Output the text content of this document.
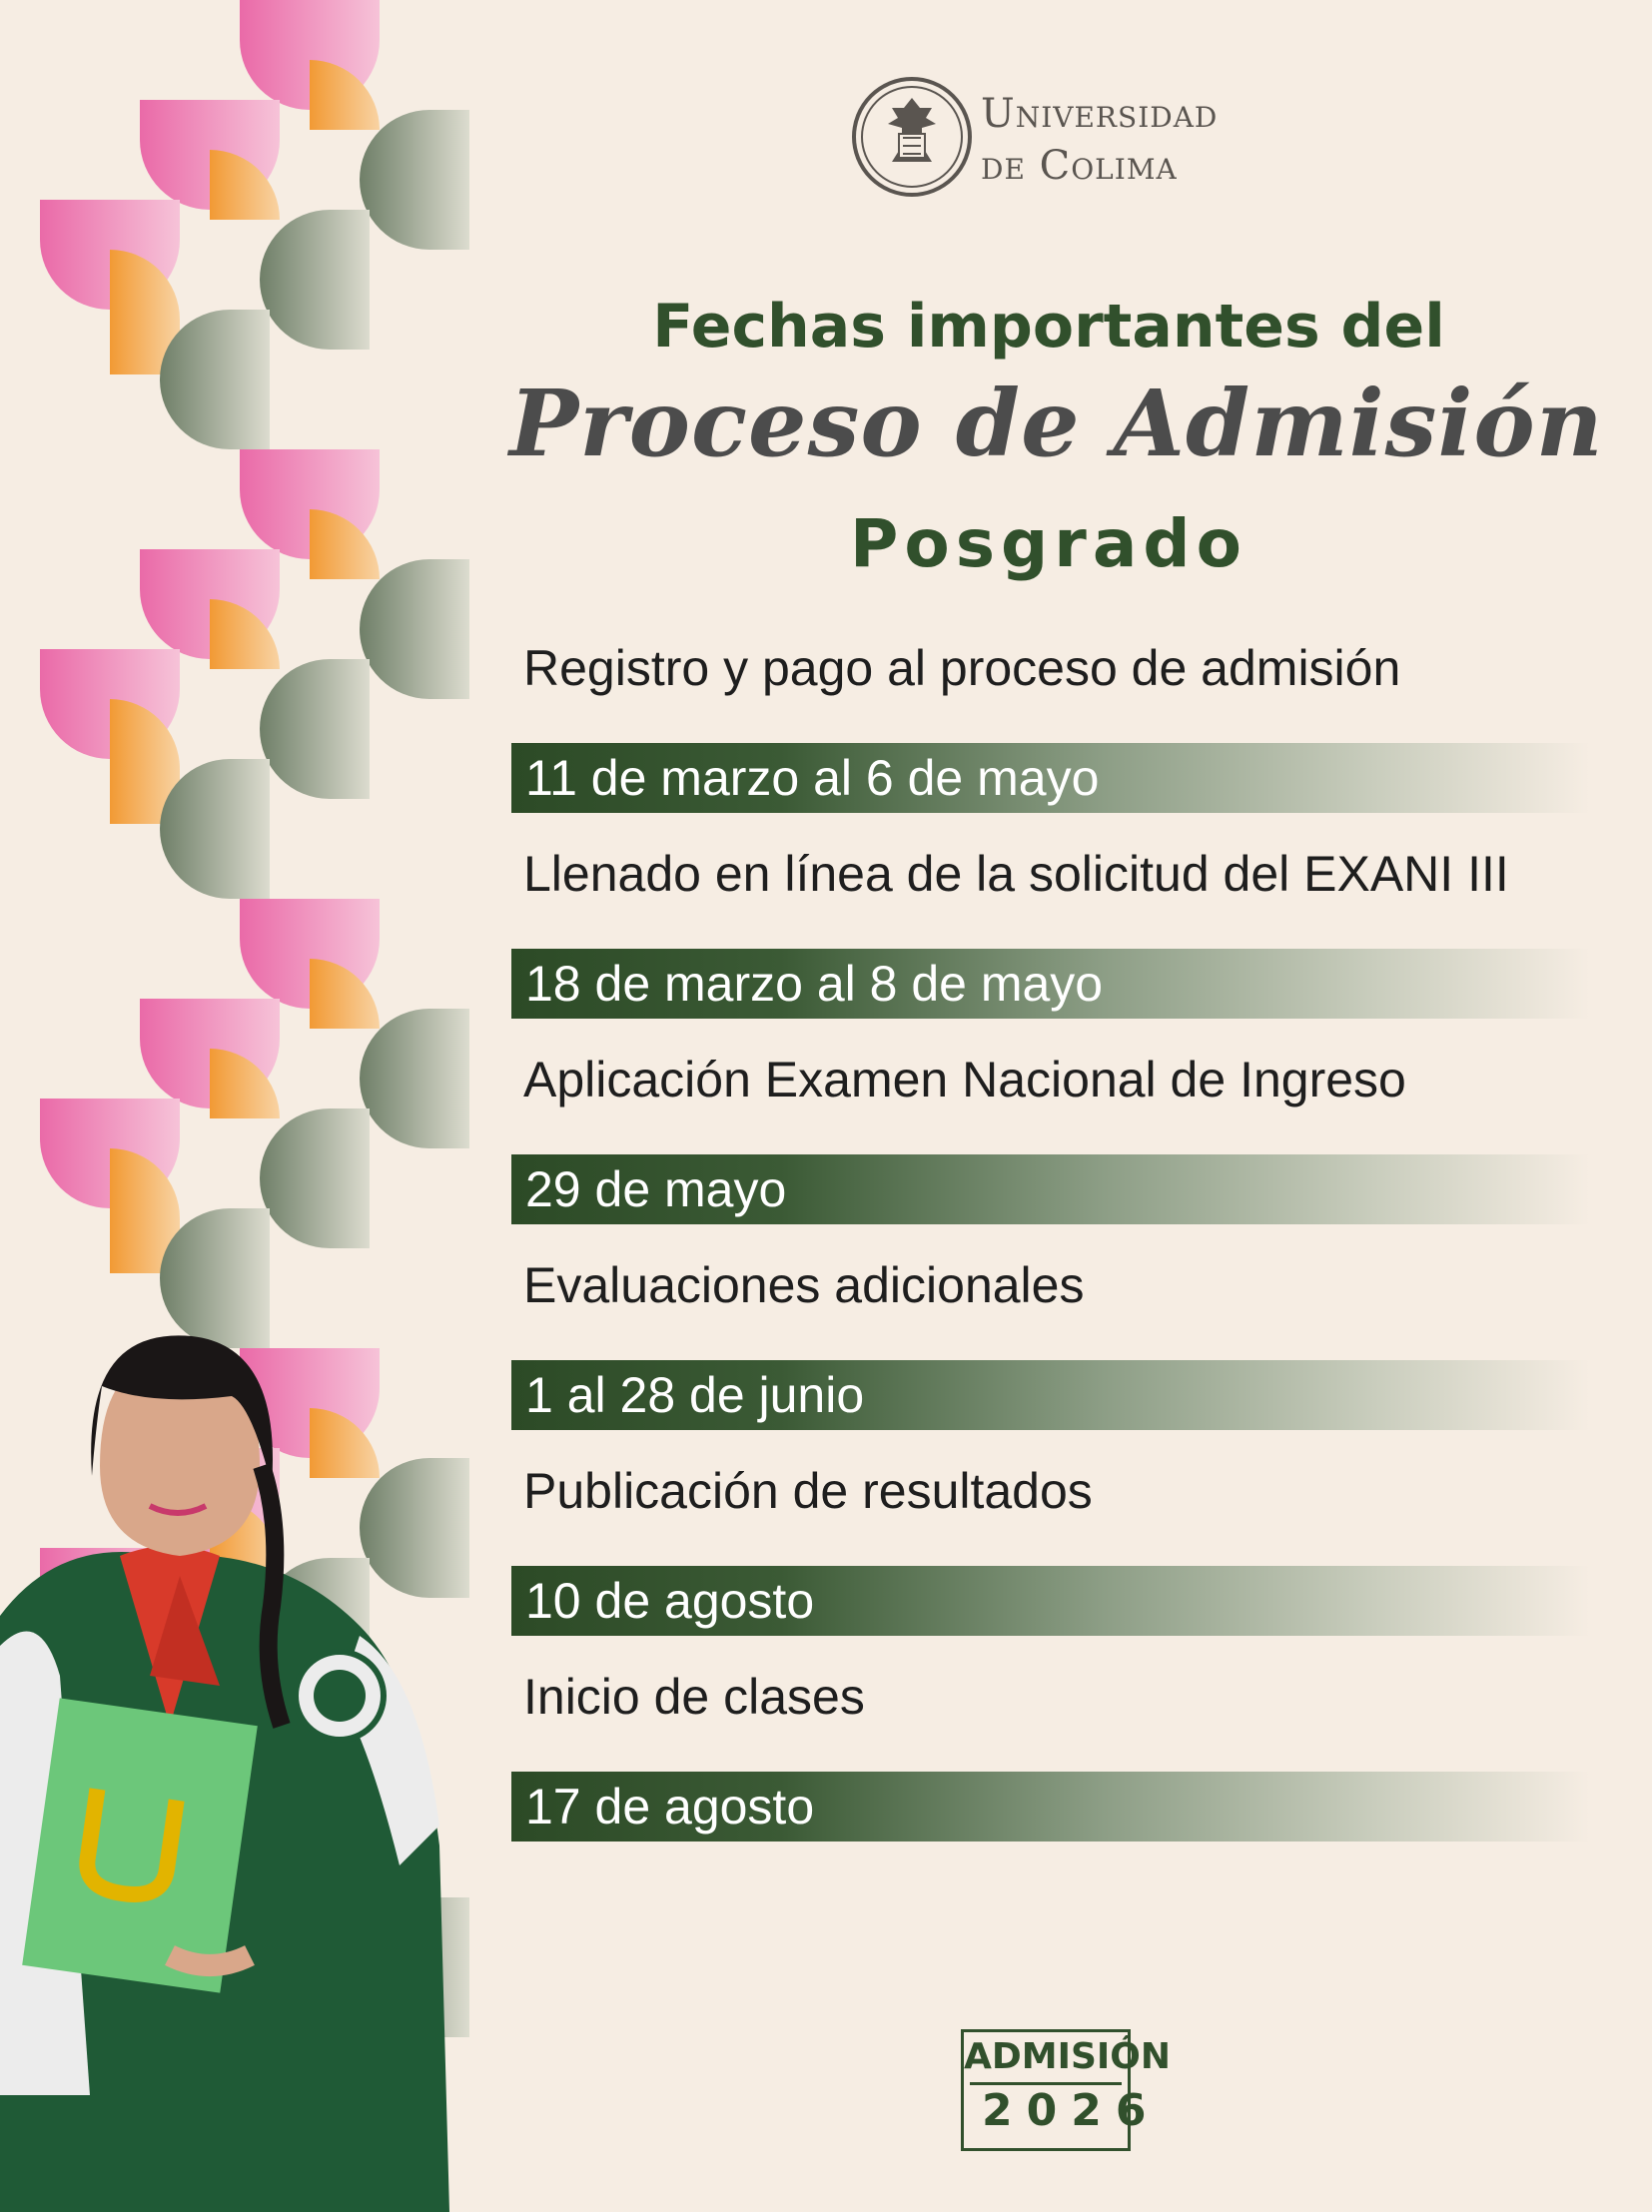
Universidad
de Colima
Fechas importantes del
Proceso de Admisión
Posgrado
Registro y pago al proceso de admisión
11 de marzo al 6 de mayo
Llenado en línea de la solicitud del EXANI III
18 de marzo al 8 de mayo
Aplicación Examen Nacional de Ingreso
29 de mayo
Evaluaciones adicionales
1 al 28 de junio
Publicación de resultados
10 de agosto
Inicio de clases
17 de agosto
ADMISIÓN
2026
